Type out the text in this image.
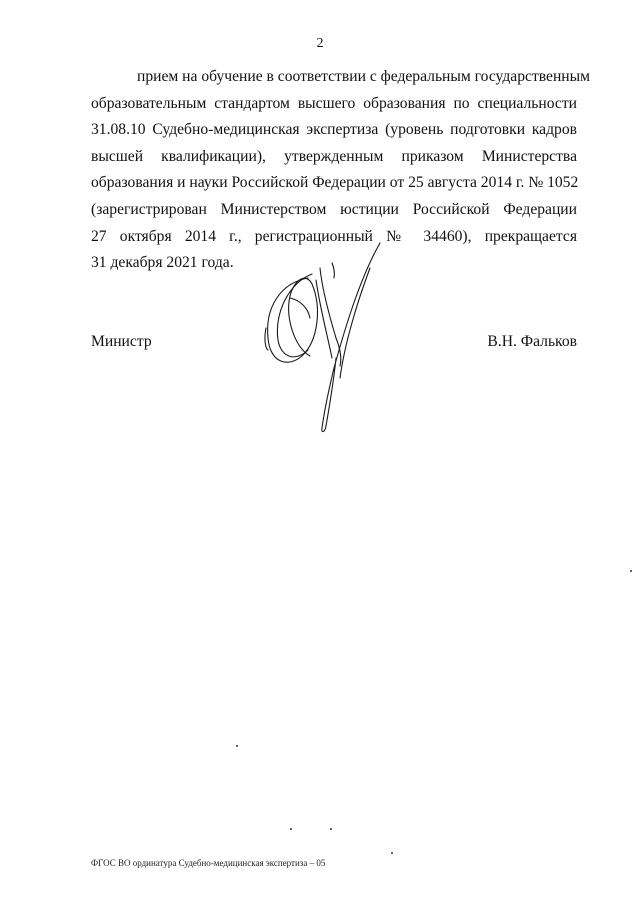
2
прием на обучение в соответствии с федеральным государственным
образовательным стандартом высшего образования по специальности
31.08.10 Судебно-медицинская экспертиза (уровень подготовки кадров
высшей квалификации), утвержденным приказом Министерства
образования и науки Российской Федерации от 25 августа 2014 г. № 1052
(зарегистрирован Министерством юстиции Российской Федерации
27 октября 2014 г., регистрационный № 34460), прекращается
31 декабря 2021 года.
Министр	В.Н. Фальков
ФГОС ВО ординатура Судебно-медицинская экспертиза – 05
